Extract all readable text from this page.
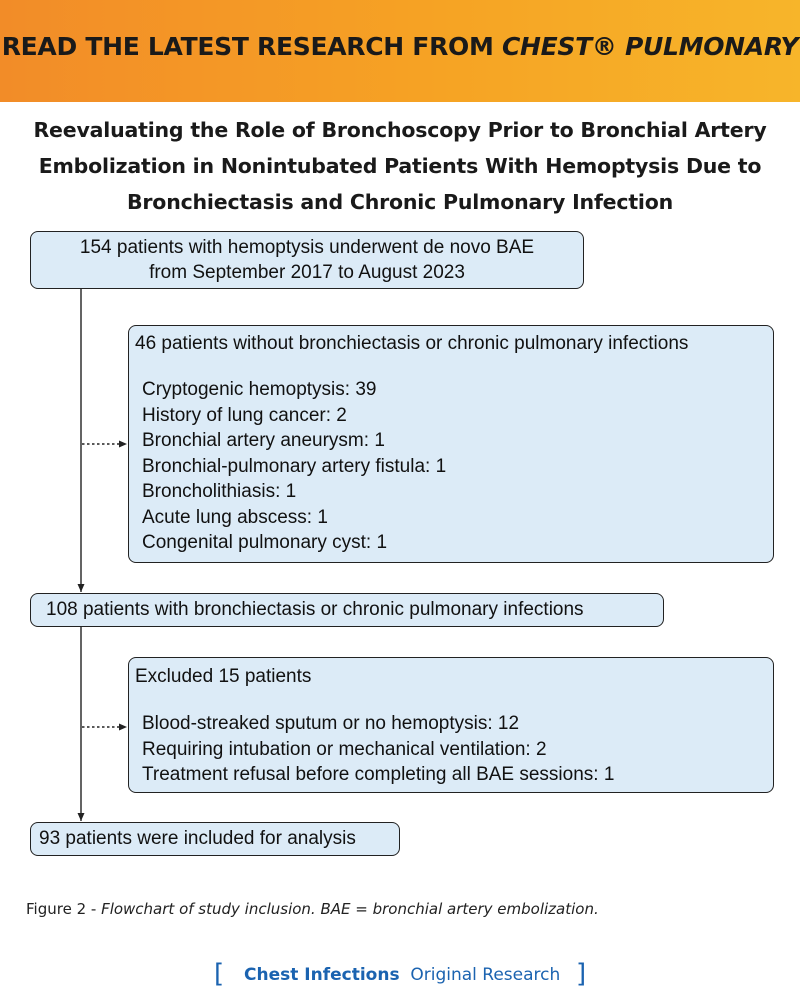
READ THE LATEST RESEARCH FROM CHEST® PULMONARY
Reevaluating the Role of Bronchoscopy Prior to Bronchial Artery
Embolization in Nonintubated Patients With Hemoptysis Due to
Bronchiectasis and Chronic Pulmonary Infection
154 patients with hemoptysis underwent de novo BAE
from September 2017 to August 2023
46 patients without bronchiectasis or chronic pulmonary infections
Cryptogenic hemoptysis: 39
History of lung cancer: 2
Bronchial artery aneurysm: 1
Bronchial-pulmonary artery fistula: 1
Broncholithiasis: 1
Acute lung abscess: 1
Congenital pulmonary cyst: 1
108 patients with bronchiectasis or chronic pulmonary infections
Excluded 15 patients
Blood-streaked sputum or no hemoptysis: 12
Requiring intubation or mechanical ventilation: 2
Treatment refusal before completing all BAE sessions: 1
93 patients were included for analysis
Figure 2 - Flowchart of study inclusion. BAE = bronchial artery embolization.
[ Chest Infections Original Research ]
